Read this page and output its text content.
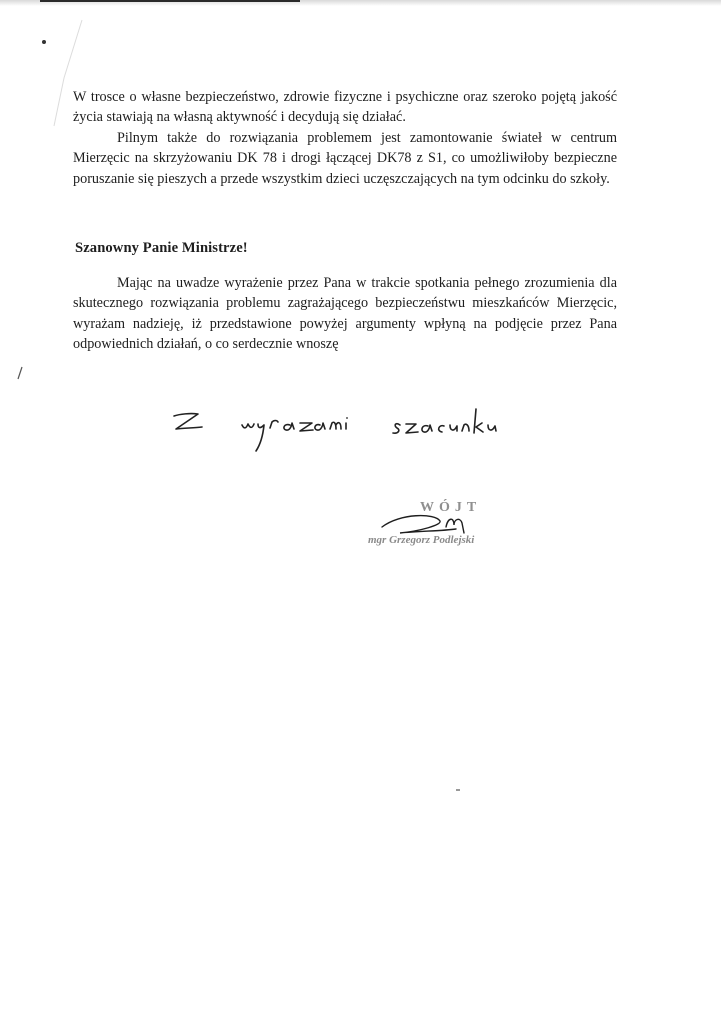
W trosce o własne bezpieczeństwo, zdrowie fizyczne i psychiczne oraz szeroko pojętą jakość życia stawiają na własną aktywność i decydują się działać.

Pilnym także do rozwiązania problemem jest zamontowanie świateł w centrum Mierzęcic na skrzyżowaniu DK 78 i drogi łączącej DK78 z S1, co umożliwiłoby bezpieczne poruszanie się pieszych a przede wszystkim dzieci uczęszczających na tym odcinku do szkoły.

Szanowny Panie Ministrze!

Mając na uwadze wyrażenie przez Pana w trakcie spotkania pełnego zrozumienia dla skutecznego rozwiązania problemu zagrażającego bezpieczeństwu mieszkańców Mierzęcic, wyrażam nadzieję, iż przedstawione powyżej argumenty wpłyną na podjęcie przez Pana odpowiednich działań, o co serdecznie wnoszę

WÓJT
mgr Grzegorz Podlejski
